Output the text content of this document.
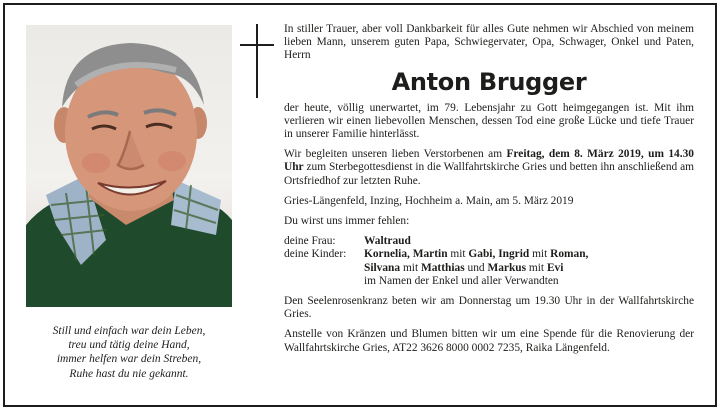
Still und einfach war dein Leben,
treu und tätig deine Hand,
immer helfen war dein Streben,
Ruhe hast du nie gekannt.

In stiller Trauer, aber voll Dankbarkeit für alles Gute nehmen wir Abschied von meinem lieben Mann, unserem guten Papa, Schwiegervater, Opa, Schwager, Onkel und Paten, Herrn

Anton Brugger

der heute, völlig unerwartet, im 79. Lebensjahr zu Gott heimgegangen ist. Mit ihm verlieren wir einen liebevollen Menschen, dessen Tod eine große Lücke und tiefe Trauer in unserer Familie hinterlässt.

Wir begleiten unseren lieben Verstorbenen am Freitag, dem 8. März 2019, um 14.30 Uhr zum Sterbegottesdienst in die Wallfahrtskirche Gries und betten ihn anschließend am Ortsfriedhof zur letzten Ruhe.

Gries-Längenfeld, Inzing, Hochheim a. Main, am 5. März 2019

Du wirst uns immer fehlen:

deine Frau:	Waltraud
deine Kinder:	Kornelia, Martin mit Gabi, Ingrid mit Roman,
Silvana mit Matthias und Markus mit Evi
im Namen der Enkel und aller Verwandten

Den Seelenrosenkranz beten wir am Donnerstag um 19.30 Uhr in der Wallfahrtskirche Gries.

Anstelle von Kränzen und Blumen bitten wir um eine Spende für die Renovierung der Wallfahrtskirche Gries, AT22 3626 8000 0002 7235, Raika Längenfeld.
